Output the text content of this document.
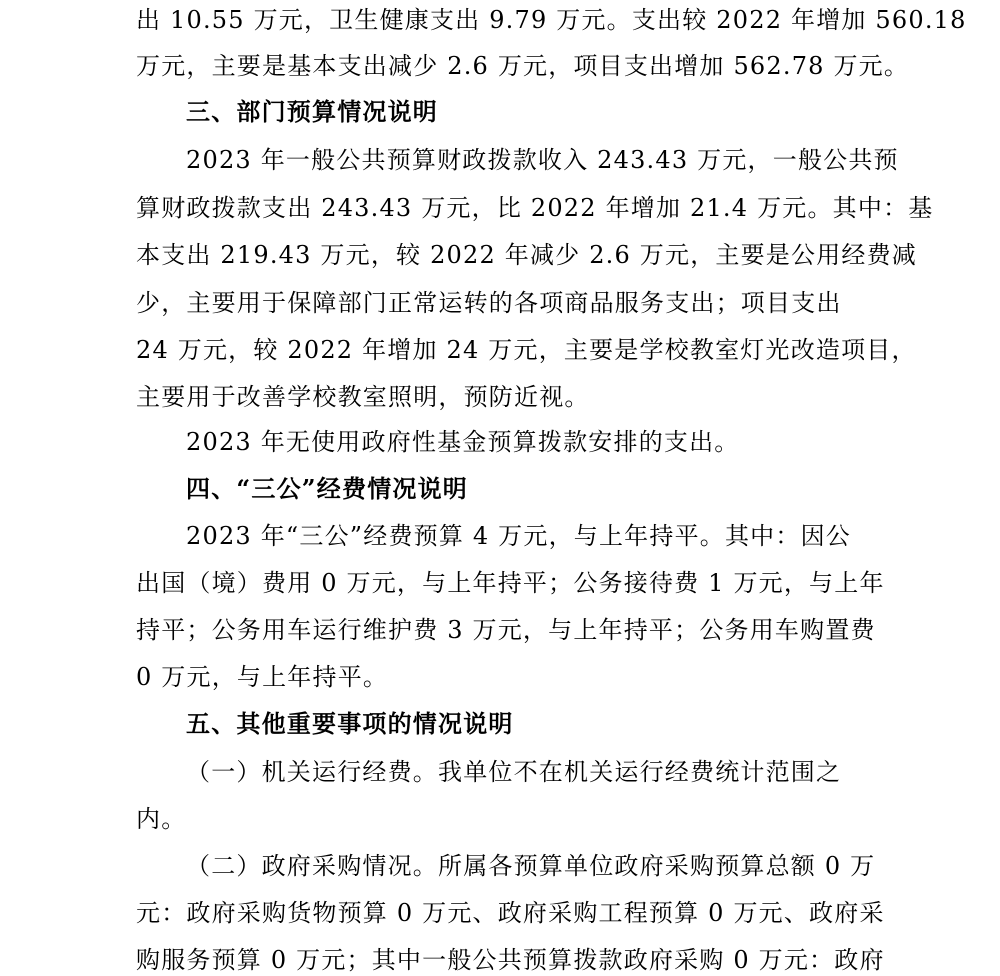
出 10.55 万元，卫生健康支出 9.79 万元。支出较 2022 年增加 560.18

万元，主要是基本支出减少 2.6 万元，项目支出增加 562.78 万元。

三、部门预算情况说明

2023 年一般公共预算财政拨款收入 243.43 万元，一般公共预

算财政拨款支出 243.43 万元，比 2022 年增加 21.4 万元。其中：基

本支出 219.43 万元，较 2022 年减少 2.6 万元，主要是公用经费减

少，主要用于保障部门正常运转的各项商品服务支出；项目支出

24 万元，较 2022 年增加 24 万元，主要是学校教室灯光改造项目，

主要用于改善学校教室照明，预防近视。

2023 年无使用政府性基金预算拨款安排的支出。

四、“三公”经费情况说明

2023 年“三公”经费预算 4 万元，与上年持平。其中：因公

出国（境）费用 0 万元，与上年持平；公务接待费 1 万元，与上年

持平；公务用车运行维护费 3 万元，与上年持平；公务用车购置费

0 万元，与上年持平。

五、其他重要事项的情况说明

（一）机关运行经费。我单位不在机关运行经费统计范围之

内。

（二）政府采购情况。所属各预算单位政府采购预算总额 0 万

元：政府采购货物预算 0 万元、政府采购工程预算 0 万元、政府采

购服务预算 0 万元；其中一般公共预算拨款政府采购 0 万元：政府
